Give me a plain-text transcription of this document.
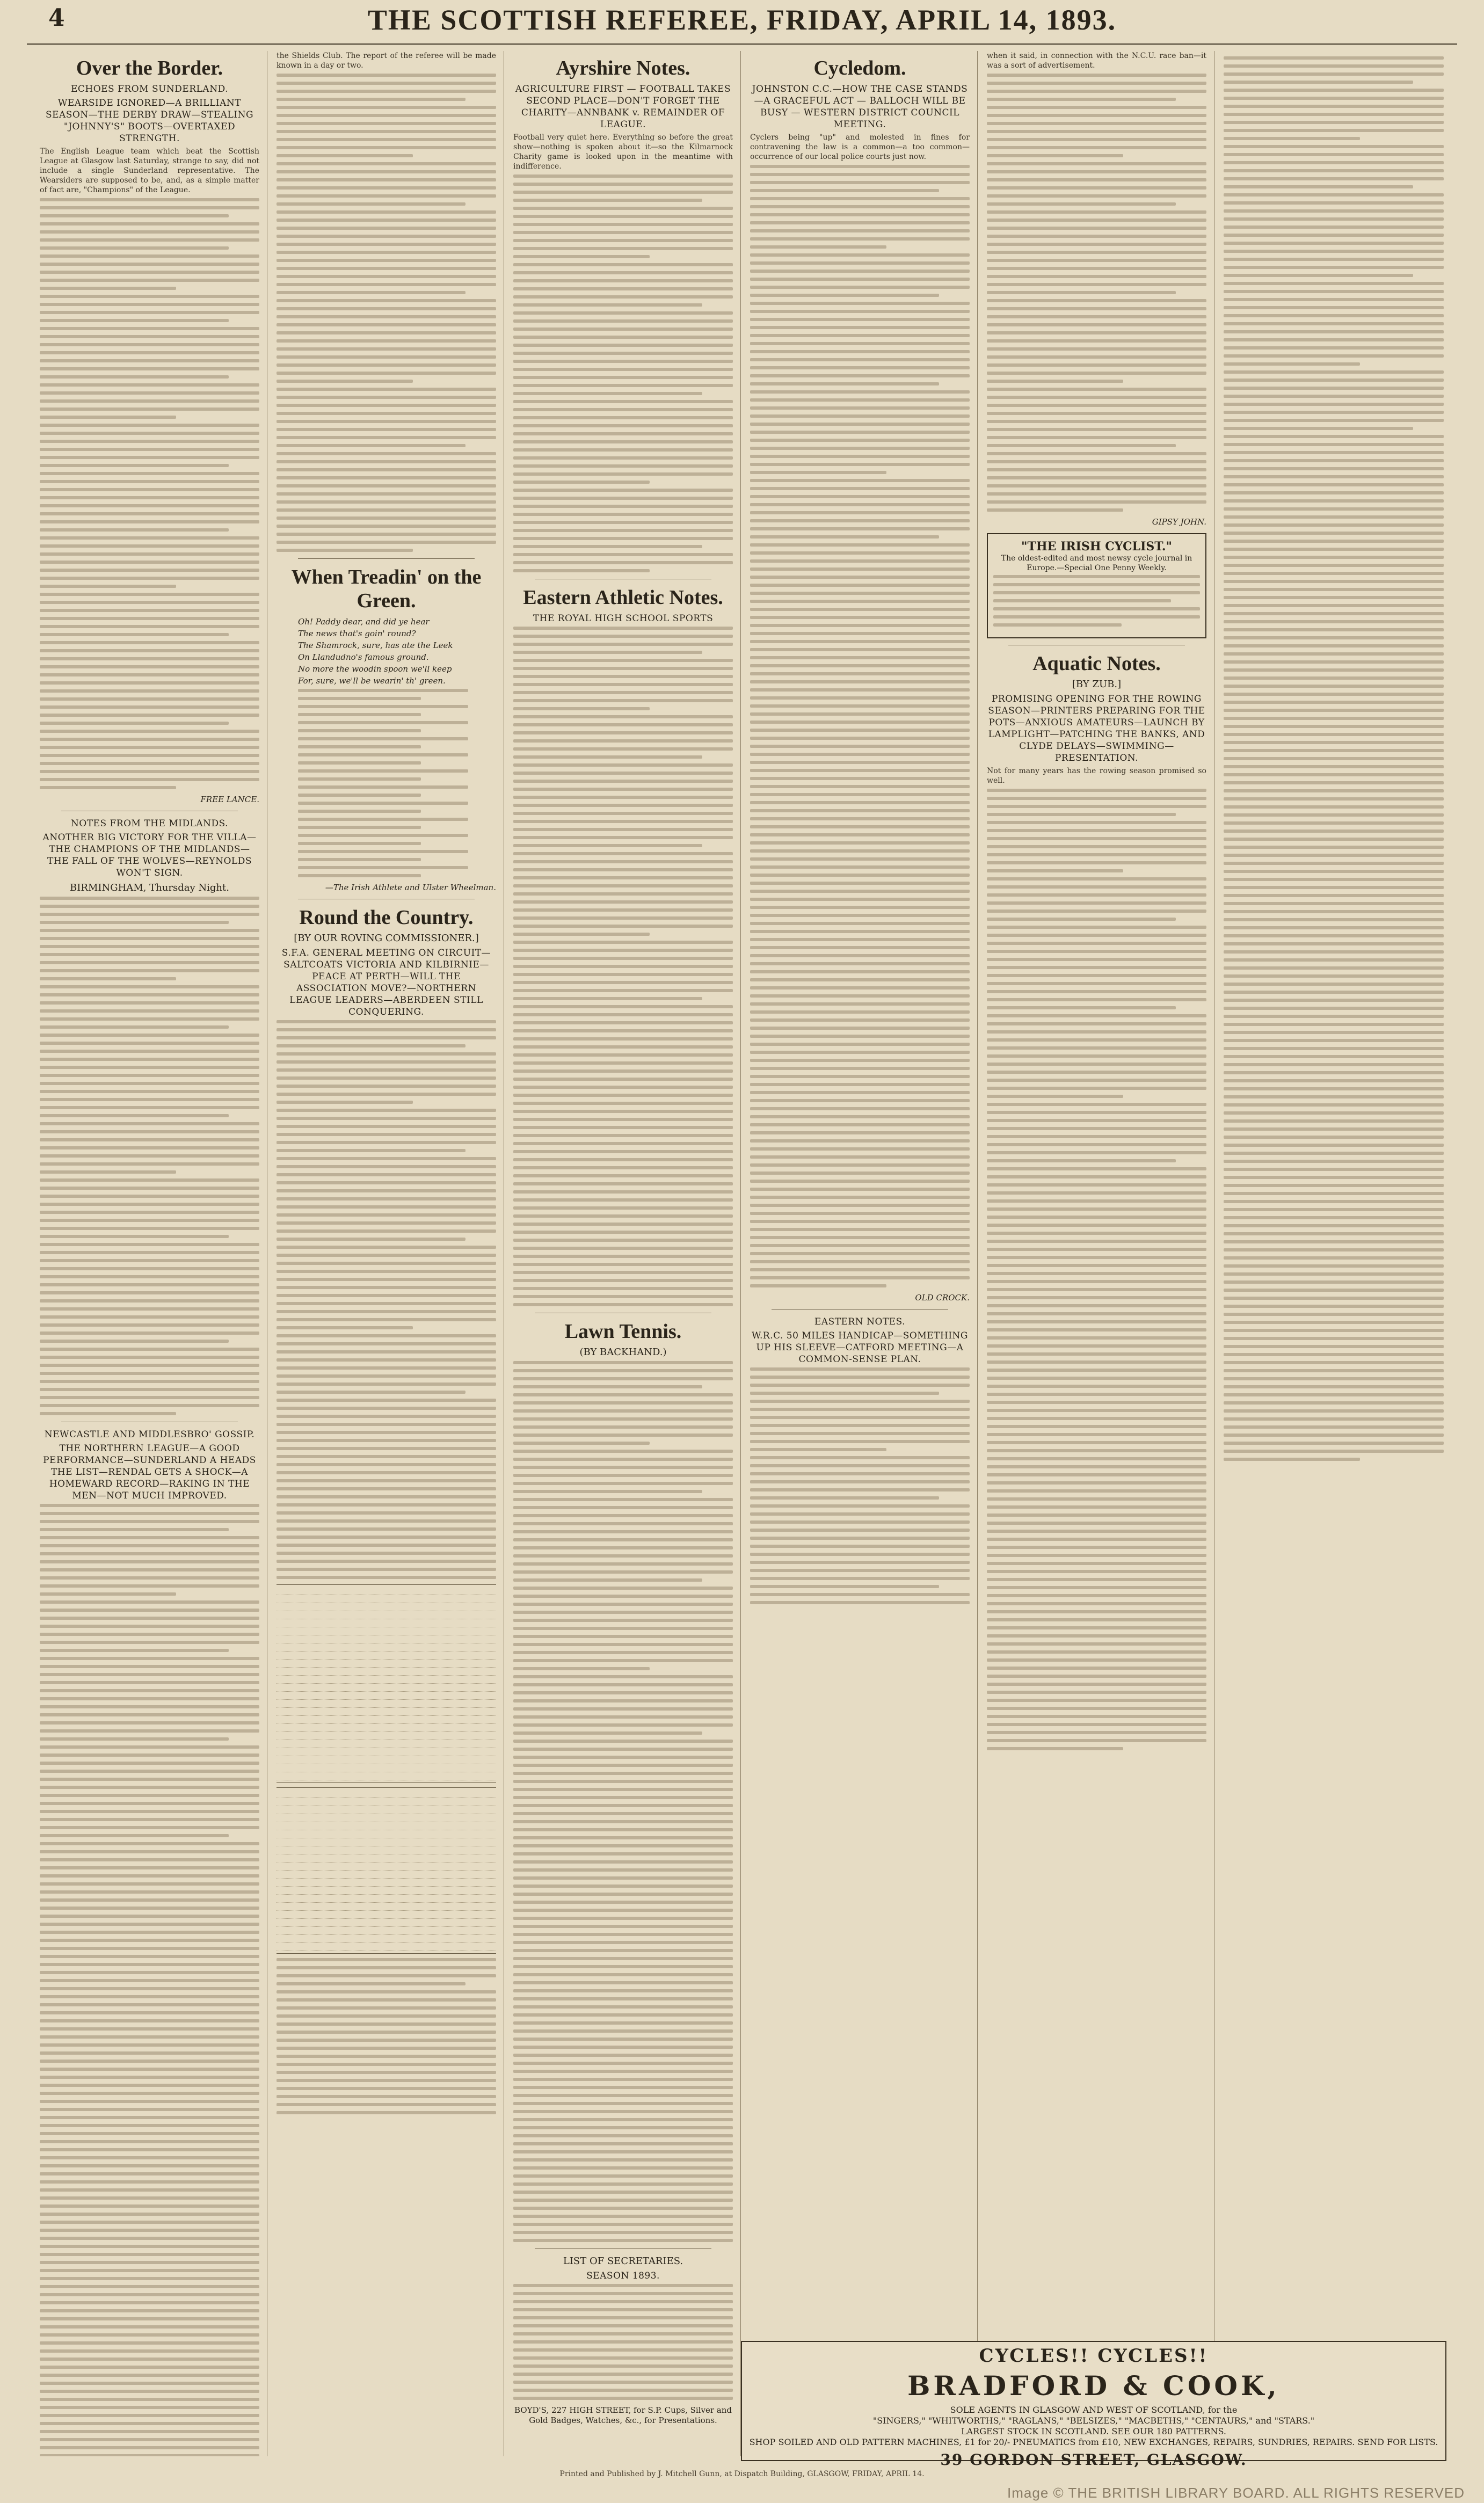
4	THE SCOTTISH REFEREE, FRIDAY, APRIL 14, 1893.
Over the Border.
ECHOES FROM SUNDERLAND.
WEARSIDE IGNORED—A BRILLIANT SEASON—THE DERBY DRAW—STEALING "JOHNNY'S" BOOTS—OVERTAXED STRENGTH.

The English League team which beat the Scottish League at Glasgow last Saturday, strange to say, did not include a single Sunderland representative. The Wearsiders are supposed to be, and, as a simple matter of fact are, "Champions" of the League.

FREE LANCE.
NOTES FROM THE MIDLANDS.
ANOTHER BIG VICTORY FOR THE VILLA—THE CHAMPIONS OF THE MIDLANDS—THE FALL OF THE WOLVES—REYNOLDS WON'T SIGN.
BIRMINGHAM, Thursday Night.
NEWCASTLE AND MIDDLESBRO' GOSSIP.
THE NORTHERN LEAGUE—A GOOD PERFORMANCE—SUNDERLAND A HEADS THE LIST—RENDAL GETS A SHOCK—A HOMEWARD RECORD—RAKING IN THE MEN—NOT MUCH IMPROVED.

the Shields Club. The report of the referee will be made known in a day or two.

When Treadin' on the Green.
Oh! Paddy dear, and did ye hear
The news that's goin' round?
The Shamrock, sure, has ate the Leek
On Llandudno's famous ground.
No more the woodin spoon we'll keep
For, sure, we'll be wearin' th' green.
—The Irish Athlete and Ulster Wheelman.
Round the Country.
[BY OUR ROVING COMMISSIONER.]
S.F.A. GENERAL MEETING ON CIRCUIT—SALTCOATS VICTORIA AND KILBIRNIE—PEACE AT PERTH—WILL THE ASSOCIATION MOVE?—NORTHERN LEAGUE LEADERS—ABERDEEN STILL CONQUERING.
Ayrshire Notes.
AGRICULTURE FIRST — FOOTBALL TAKES SECOND PLACE—DON'T FORGET THE CHARITY—ANNBANK v. REMAINDER OF LEAGUE.

Football very quiet here. Everything so before the great show—nothing is spoken about it—so the Kilmarnock Charity game is looked upon in the meantime with indifference.

Eastern Athletic Notes.
THE ROYAL HIGH SCHOOL SPORTS
Lawn Tennis.
(BY BACKHAND.)
LIST OF SECRETARIES.
SEASON 1893.
BOYD'S, 227 HIGH STREET, for S.P. Cups, Silver and Gold Badges, Watches, &c., for Presentations.
Cycledom.
JOHNSTON C.C.—HOW THE CASE STANDS—A GRACEFUL ACT — BALLOCH WILL BE BUSY — WESTERN DISTRICT COUNCIL MEETING.

Cyclers being "up" and molested in fines for contravening the law is a common—a too common—occurrence of our local police courts just now.

OLD CROCK.
EASTERN NOTES.
W.R.C. 50 MILES HANDICAP—SOMETHING UP HIS SLEEVE—CATFORD MEETING—A COMMON-SENSE PLAN.

when it said, in connection with the N.C.U. race ban—it was a sort of advertisement.

GIPSY JOHN.
"THE IRISH CYCLIST."
The oldest-edited and most newsy cycle journal in Europe.—Special One Penny Weekly.
Aquatic Notes.
[BY ZUB.]
PROMISING OPENING FOR THE ROWING SEASON—PRINTERS PREPARING FOR THE POTS—ANXIOUS AMATEURS—LAUNCH BY LAMPLIGHT—PATCHING THE BANKS, AND CLYDE DELAYS—SWIMMING—PRESENTATION.

Not for many years has the rowing season promised so well.

CYCLES!! CYCLES!!
BRADFORD & COOK,
SOLE AGENTS IN GLASGOW AND WEST OF SCOTLAND, for the
"SINGERS," "WHITWORTHS," "RAGLANS," "BELSIZES," "MACBETHS," "CENTAURS," and "STARS."
LARGEST STOCK IN SCOTLAND. SEE OUR 180 PATTERNS.
SHOP SOILED AND OLD PATTERN MACHINES, £1 for 20/- PNEUMATICS from £10, NEW EXCHANGES, REPAIRS, SUNDRIES, REPAIRS. SEND FOR LISTS.
39 GORDON STREET, GLASGOW.
Printed and Published by J. Mitchell Gunn, at Dispatch Building, GLASGOW, FRIDAY, APRIL 14.
Image © THE BRITISH LIBRARY BOARD. ALL RIGHTS RESERVED
